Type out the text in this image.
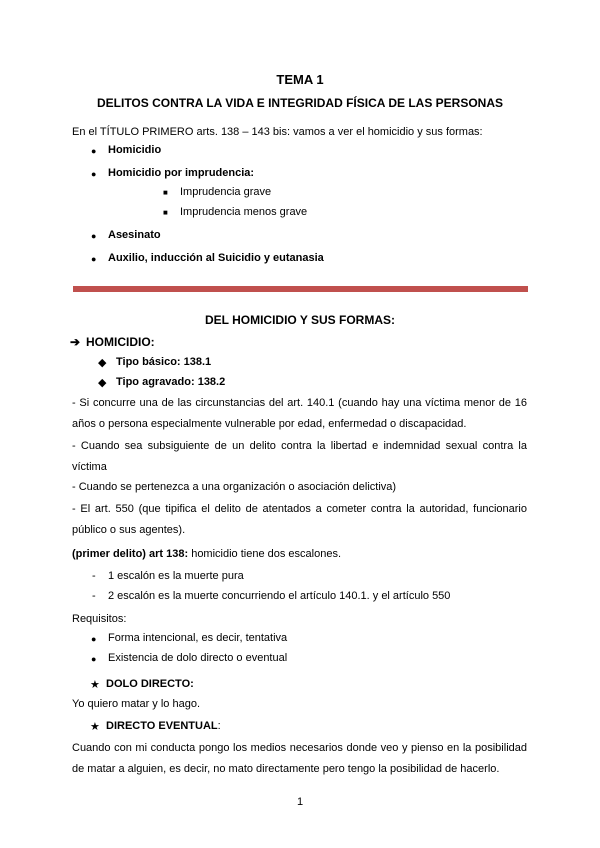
TEMA 1
DELITOS CONTRA LA VIDA E INTEGRIDAD FÍSICA DE LAS PERSONAS
En el TÍTULO PRIMERO arts. 138 – 143 bis: vamos a ver el homicidio y sus formas:
● Homicidio
● Homicidio por imprudencia:
■ Imprudencia grave
■ Imprudencia menos grave
● Asesinato
● Auxilio, inducción al Suicidio y eutanasia
DEL HOMICIDIO Y SUS FORMAS:
➔ HOMICIDIO:
◆ Tipo básico: 138.1
◆ Tipo agravado: 138.2
- Si concurre una de las circunstancias del art. 140.1 (cuando hay una víctima menor de 16 años o persona especialmente vulnerable por edad, enfermedad o discapacidad.
- Cuando sea subsiguiente de un delito contra la libertad e indemnidad sexual contra la víctima
- Cuando se pertenezca a una organización o asociación delictiva)
- El art. 550 (que tipifica el delito de atentados a cometer contra la autoridad, funcionario público o sus agentes).
(primer delito) art 138: homicidio tiene dos escalones.
- 1 escalón es la muerte pura
- 2 escalón es la muerte concurriendo el artículo 140.1. y el artículo 550
Requisitos:
● Forma intencional, es decir, tentativa
● Existencia de dolo directo o eventual
★ DOLO DIRECTO:
Yo quiero matar y lo hago.
★ DIRECTO EVENTUAL:
Cuando con mi conducta pongo los medios necesarios donde veo y pienso en la posibilidad de matar a alguien, es decir, no mato directamente pero tengo la posibilidad de hacerlo.
1
